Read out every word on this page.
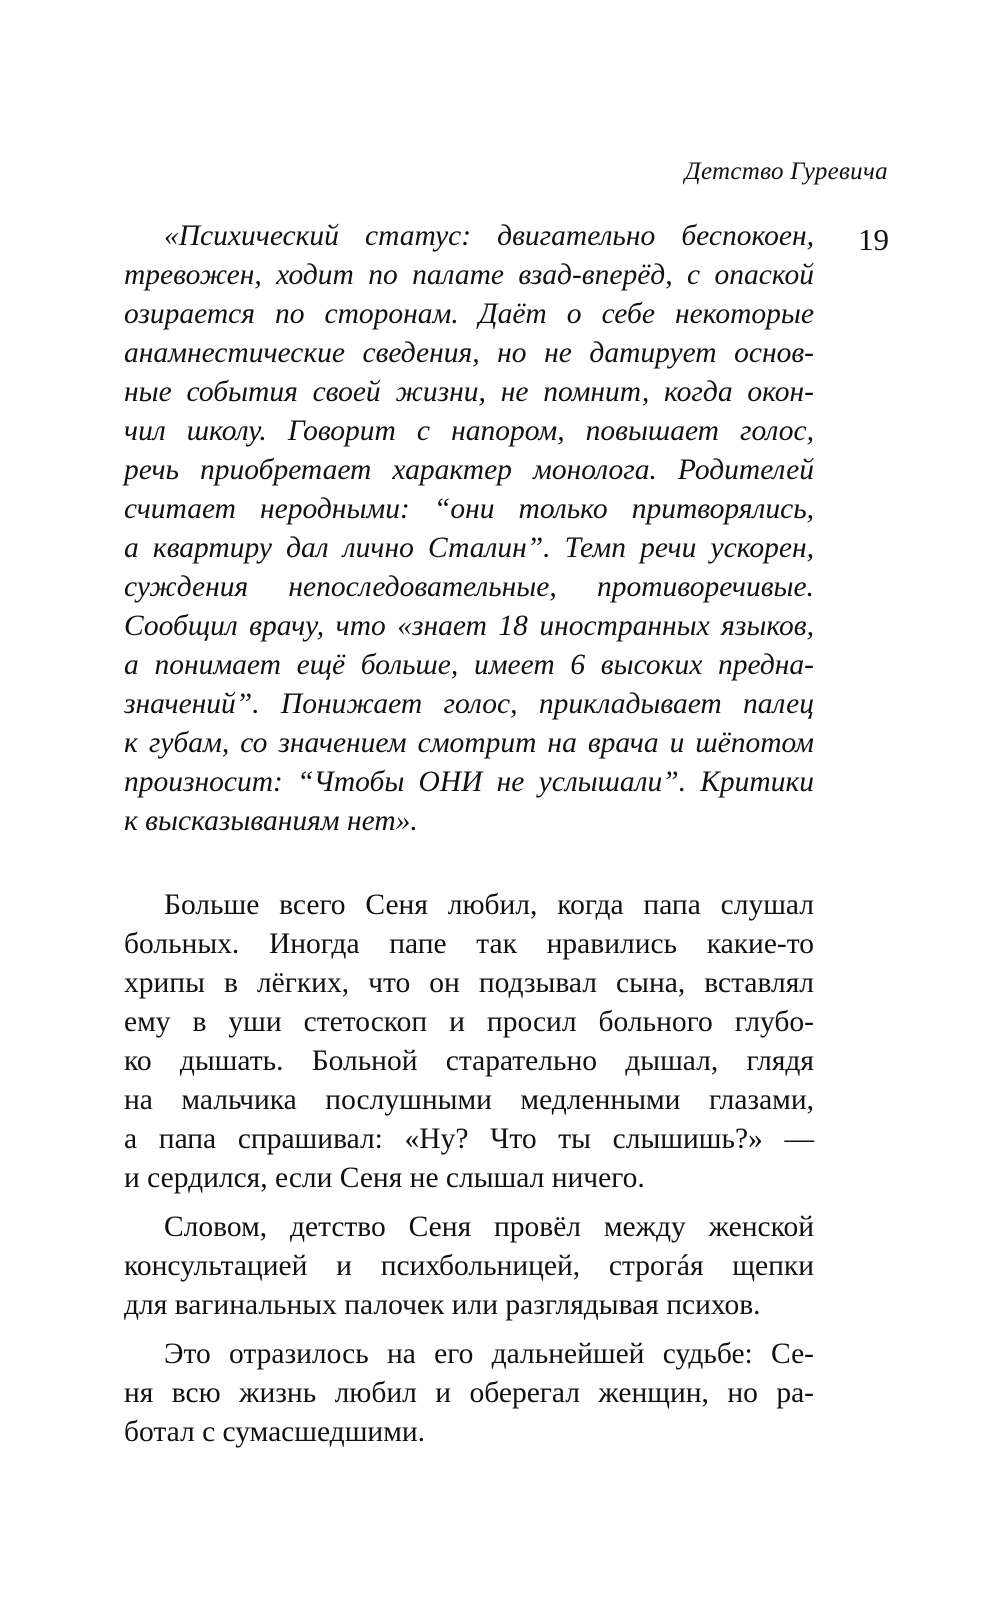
Детство Гуревича
19
«Психический статус: двигательно беспокоен,
тревожен, ходит по палате взад-вперёд, с опаской
озирается по сторонам. Даёт о себе некоторые
анамнестические сведения, но не датирует основ-
ные события своей жизни, не помнит, когда окон-
чил школу. Говорит с напором, повышает голос,
речь приобретает характер монолога. Родителей
считает неродными: “они только притворялись,
а квартиру дал лично Сталин”. Темп речи ускорен,
суждения непоследовательные, противоречивые.
Сообщил врачу, что «знает 18 иностранных языков,
а понимает ещё больше, имеет 6 высоких предна-
значений”. Понижает голос, прикладывает палец
к губам, со значением смотрит на врача и шёпотом
произносит: “Чтобы ОНИ не услышали”. Критики
к высказываниям нет».
Больше всего Сеня любил, когда папа слушал
больных. Иногда папе так нравились какие-то
хрипы в лёгких, что он подзывал сына, вставлял
ему в уши стетоскоп и просил больного глубо-
ко дышать. Больной старательно дышал, глядя
на мальчика послушными медленными глазами,
а папа спрашивал: «Ну? Что ты слышишь?» —
и сердился, если Сеня не слышал ничего.
Словом, детство Сеня провёл между женской
консультацией и психбольницей, строгáя щепки
для вагинальных палочек или разглядывая психов.
Это отразилось на его дальнейшей судьбе: Се-
ня всю жизнь любил и оберегал женщин, но ра-
ботал с сумасшедшими.
